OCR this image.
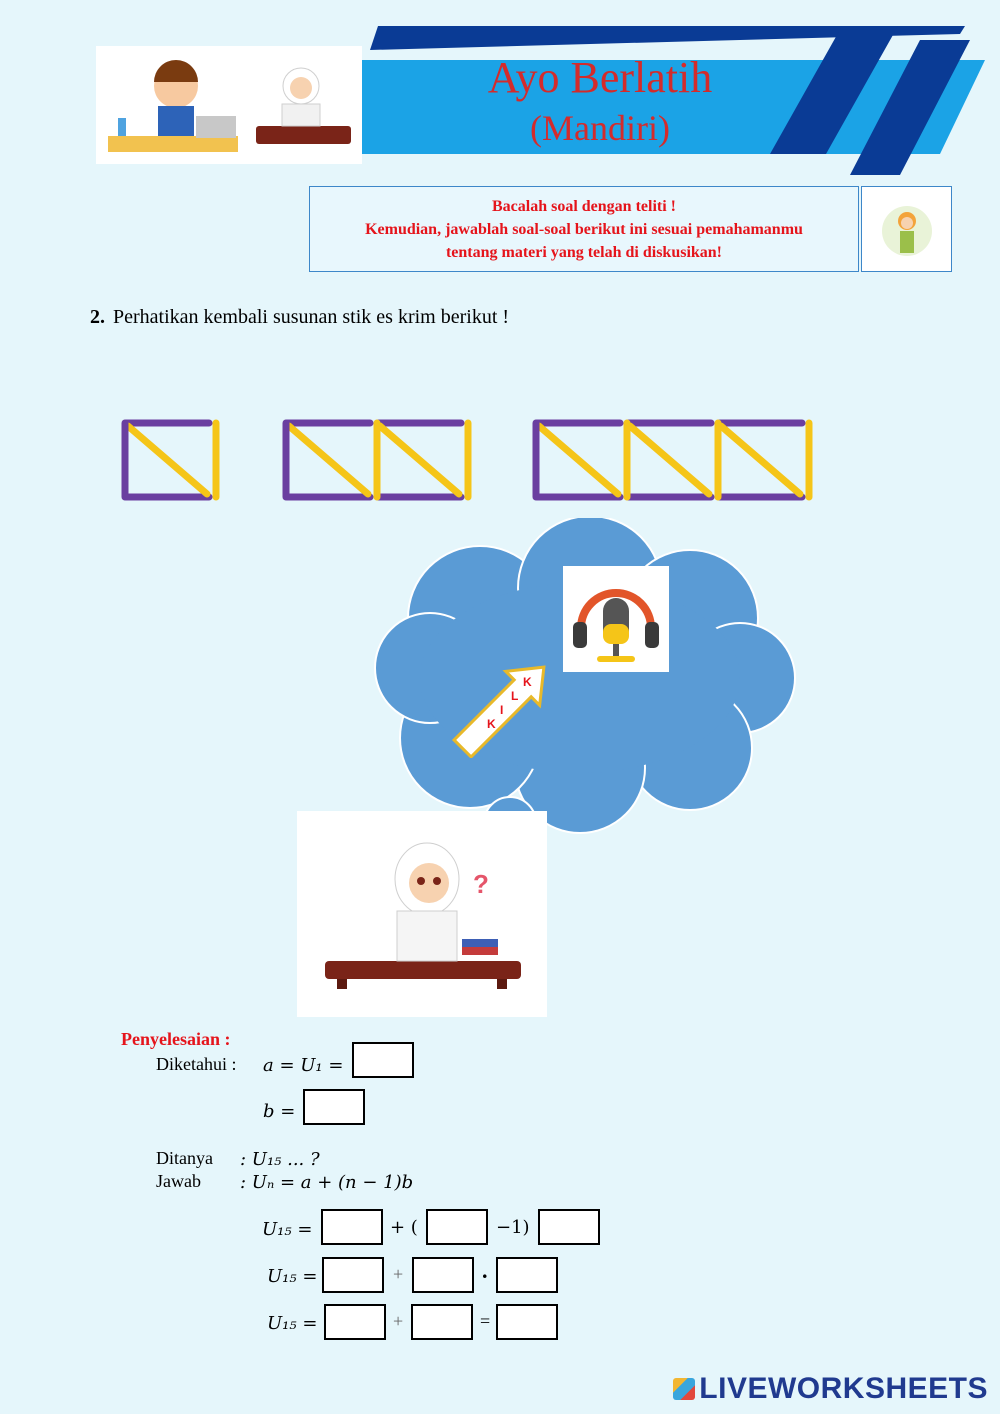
Ayo Berlatih
(Mandiri)
Bacalah soal dengan teliti !
Kemudian, jawablah soal-soal berikut ini sesuai pemahamanmu
tentang materi yang telah di diskusikan!
2. Perhatikan kembali susunan stik es krim berikut !
K
L
I
K
?
Penyelesaian :
Diketahui : a = U₁ =
b =
Ditanya : U₁₅ ... ?
Jawab : Uₙ = a + (n − 1)b
U₁₅ =	+ (	−1)
U₁₅ =	+	.
U₁₅ =	+	=
LIVEWORKSHEETS
